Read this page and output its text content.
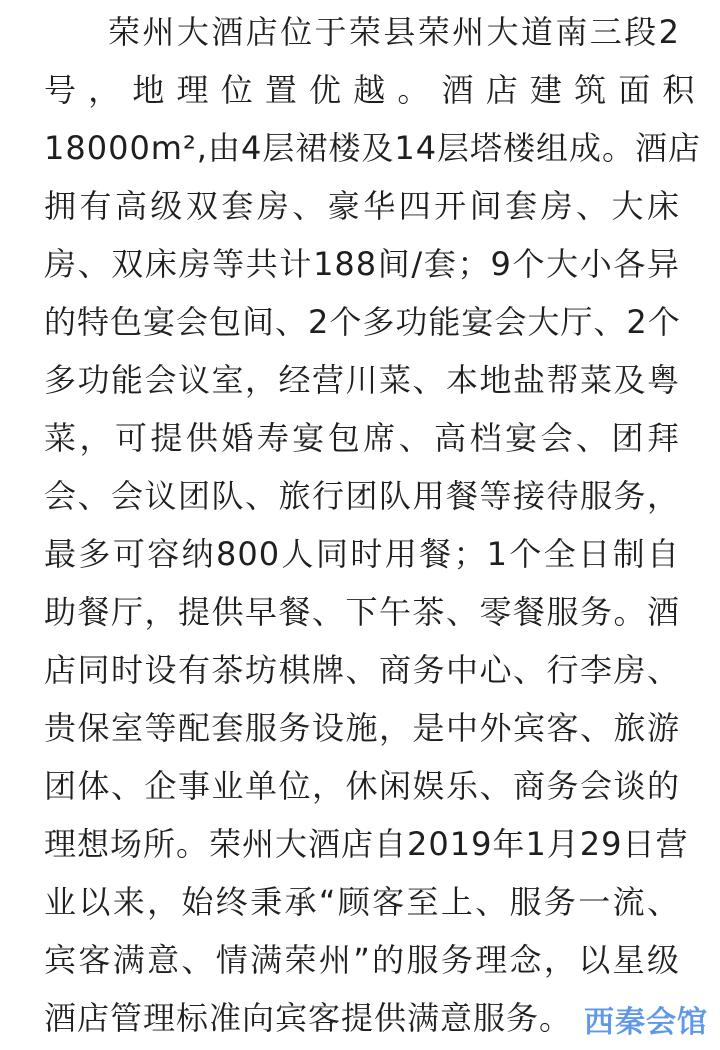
荣州大酒店位于荣县荣州大道南三段2
号 ， 地 理 位 置 优 越 。 酒 店 建 筑 面 积
18000m²,由4层裙楼及14层塔楼组成。酒店
拥有高级双套房、豪华四开间套房、大床
房、双床房等共计188间/套；9个大小各异
的特色宴会包间、2个多功能宴会大厅、2个
多功能会议室，经营川菜、本地盐帮菜及粤
菜，可提供婚寿宴包席、高档宴会、团拜
会、会议团队、旅行团队用餐等接待服务，
最多可容纳800人同时用餐；1个全日制自
助餐厅，提供早餐、下午茶、零餐服务。酒
店同时设有茶坊棋牌、商务中心、行李房、
贵保室等配套服务设施，是中外宾客、旅游
团体、企事业单位，休闲娱乐、商务会谈的
理想场所。荣州大酒店自2019年1月29日营
业以来，始终秉承“顾客至上、服务一流、
宾客满意、情满荣州”的服务理念，以星级
酒店管理标准向宾客提供满意服务。 西秦会馆
